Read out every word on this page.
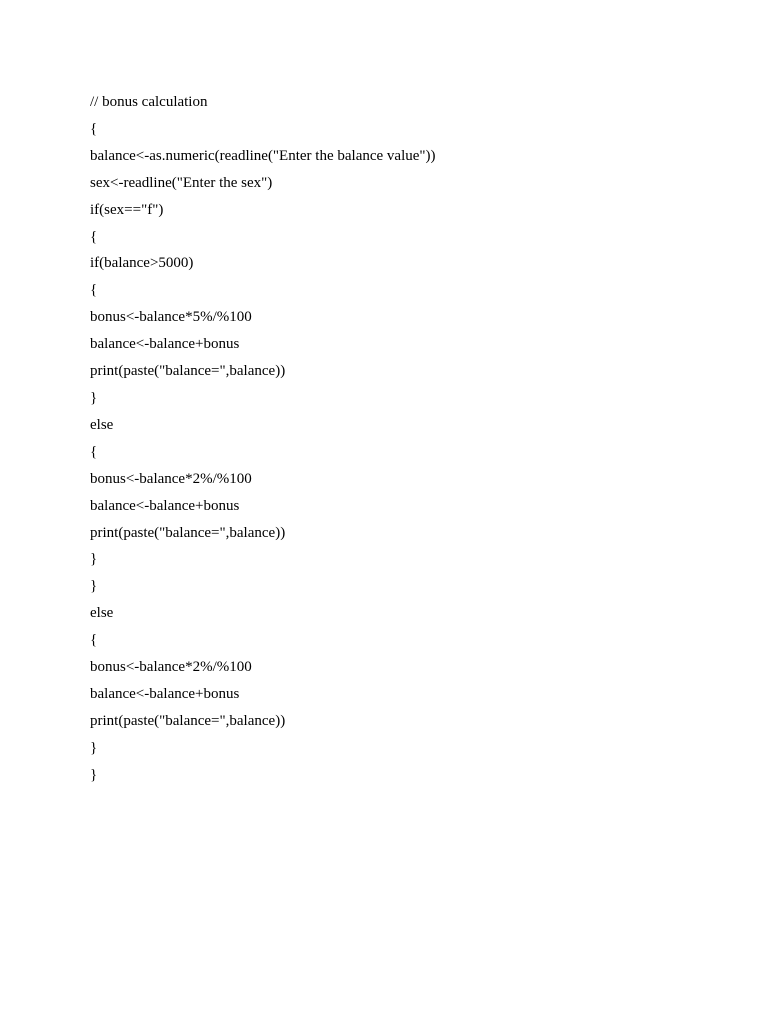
// bonus calculation
{
balance<-as.numeric(readline("Enter the balance value"))
sex<-readline("Enter the sex")
if(sex=="f")
{
if(balance>5000)
{
bonus<-balance*5%/%100
balance<-balance+bonus
print(paste("balance=",balance))
}
else
{
bonus<-balance*2%/%100
balance<-balance+bonus
print(paste("balance=",balance))
}
}
else
{
bonus<-balance*2%/%100
balance<-balance+bonus
print(paste("balance=",balance))
}
}
